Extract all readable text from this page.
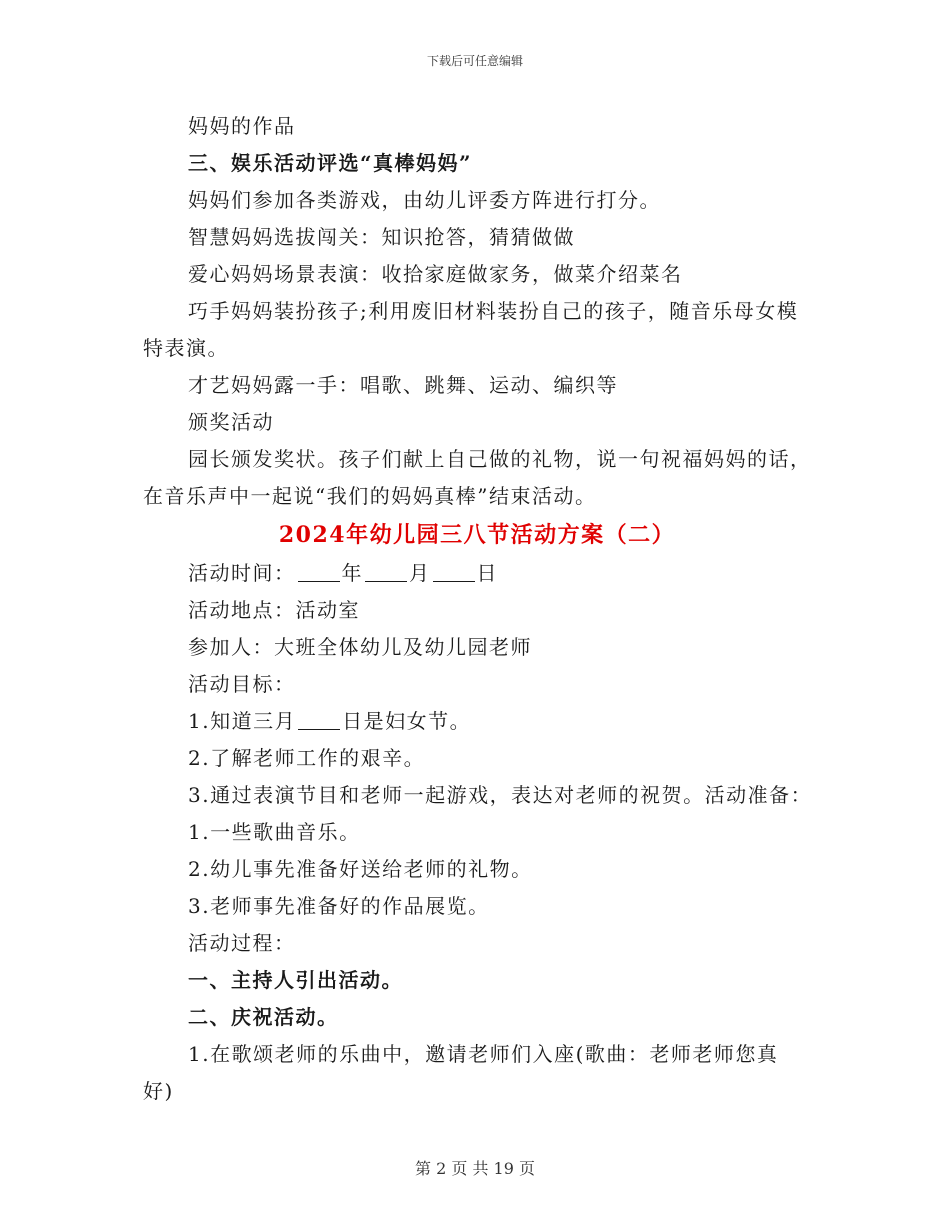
下载后可任意编辑
妈妈的作品
三、娱乐活动评选“真棒妈妈”
妈妈们参加各类游戏，由幼儿评委方阵进行打分。
智慧妈妈选拔闯关：知识抢答，猜猜做做
爱心妈妈场景表演：收拾家庭做家务，做菜介绍菜名
巧手妈妈装扮孩子;利用废旧材料装扮自己的孩子，随音乐母女模
特表演。
才艺妈妈露一手：唱歌、跳舞、运动、编织等
颁奖活动
园长颁发奖状。孩子们献上自己做的礼物，说一句祝福妈妈的话，
在音乐声中一起说“我们的妈妈真棒”结束活动。
2024年幼儿园三八节活动方案（二）
活动时间： 年 月 日
活动地点：活动室
参加人：大班全体幼儿及幼儿园老师
活动目标：
1.知道三月 日是妇女节。
2.了解老师工作的艰辛。
3.通过表演节目和老师一起游戏，表达对老师的祝贺。活动准备：
1.一些歌曲音乐。
2.幼儿事先准备好送给老师的礼物。
3.老师事先准备好的作品展览。
活动过程：
一、主持人引出活动。
二、庆祝活动。
1.在歌颂老师的乐曲中，邀请老师们入座(歌曲：老师老师您真
好)
第 2 页 共 19 页
